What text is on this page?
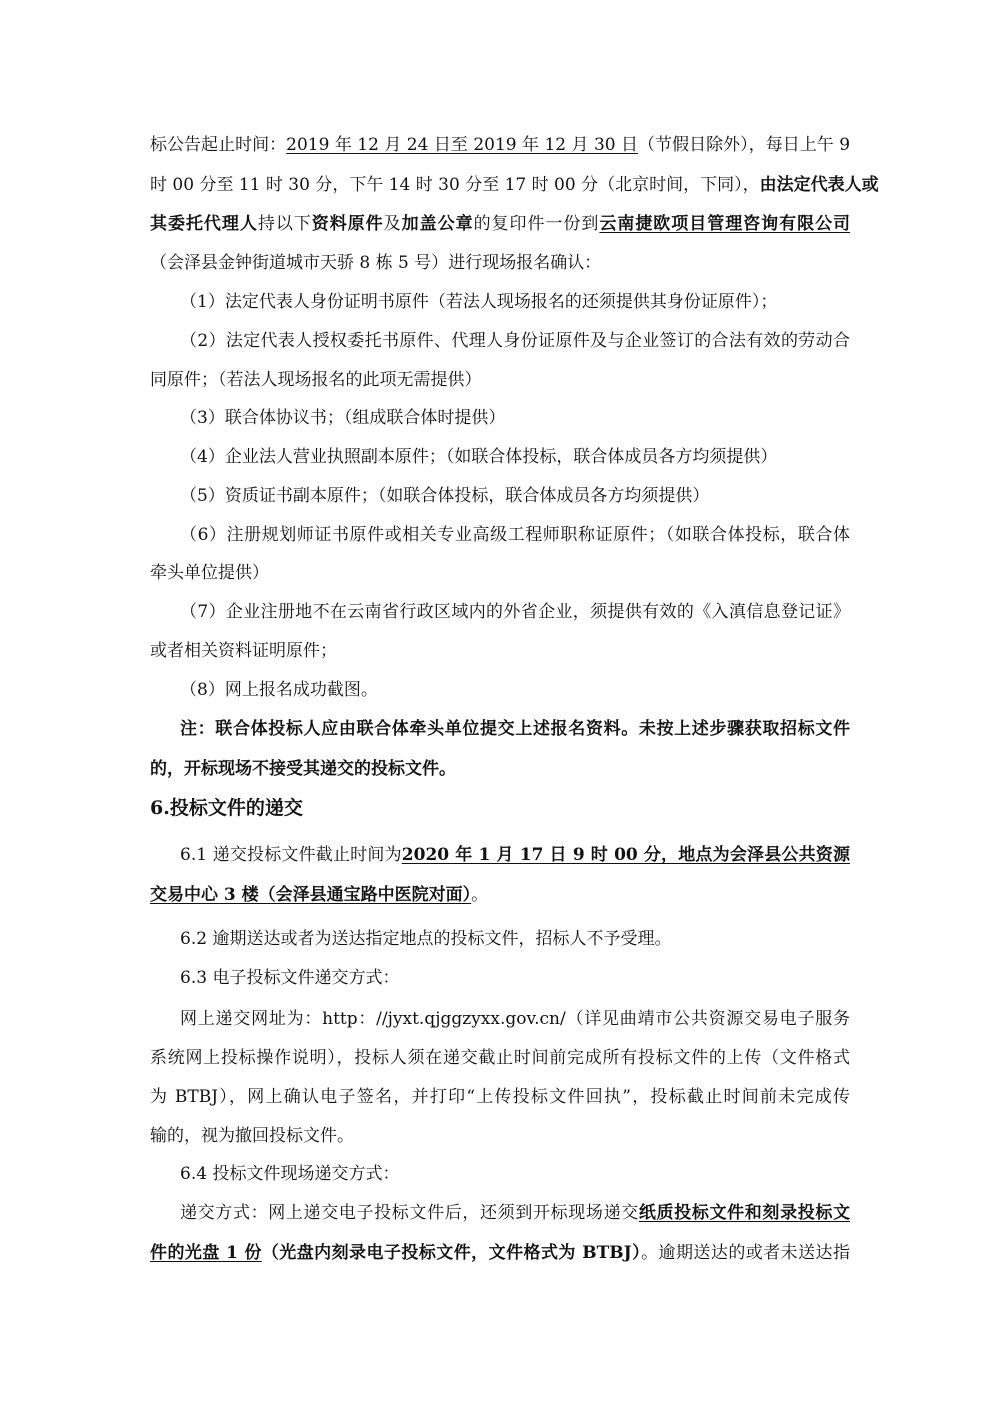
标公告起止时间：2019 年 12 月 24 日至 2019 年 12 月 30 日（节假日除外），每日上午 9
时 00 分至 11 时 30 分，下午 14 时 30 分至 17 时 00 分（北京时间，下同），由法定代表人或
其委托代理人持以下资料原件及加盖公章的复印件一份到云南捷欧项目管理咨询有限公司
（会泽县金钟街道城市天骄 8 栋 5 号）进行现场报名确认：
（1）法定代表人身份证明书原件（若法人现场报名的还须提供其身份证原件）；
（2）法定代表人授权委托书原件、代理人身份证原件及与企业签订的合法有效的劳动合
同原件；（若法人现场报名的此项无需提供）
（3）联合体协议书；（组成联合体时提供）
（4）企业法人营业执照副本原件；（如联合体投标，联合体成员各方均须提供）
（5）资质证书副本原件；（如联合体投标，联合体成员各方均须提供）
（6）注册规划师证书原件或相关专业高级工程师职称证原件；（如联合体投标，联合体
牵头单位提供）
（7）企业注册地不在云南省行政区域内的外省企业，须提供有效的《入滇信息登记证》
或者相关资料证明原件；
（8）网上报名成功截图。
注：联合体投标人应由联合体牵头单位提交上述报名资料。未按上述步骤获取招标文件
的，开标现场不接受其递交的投标文件。
6.投标文件的递交
6.1 递交投标文件截止时间为2020 年 1 月 17 日 9 时 00 分，地点为会泽县公共资源
交易中心 3 楼（会泽县通宝路中医院对面）。
6.2 逾期送达或者为送达指定地点的投标文件，招标人不予受理。
6.3 电子投标文件递交方式：
网上递交网址为：http：//jyxt.qjggzyxx.gov.cn/（详见曲靖市公共资源交易电子服务
系统网上投标操作说明），投标人须在递交截止时间前完成所有投标文件的上传（文件格式
为 BTBJ），网上确认电子签名，并打印“上传投标文件回执”，投标截止时间前未完成传
输的，视为撤回投标文件。
6.4 投标文件现场递交方式：
递交方式：网上递交电子投标文件后，还须到开标现场递交纸质投标文件和刻录投标文
件的光盘 1 份（光盘内刻录电子投标文件，文件格式为 BTBJ）。逾期送达的或者未送达指
